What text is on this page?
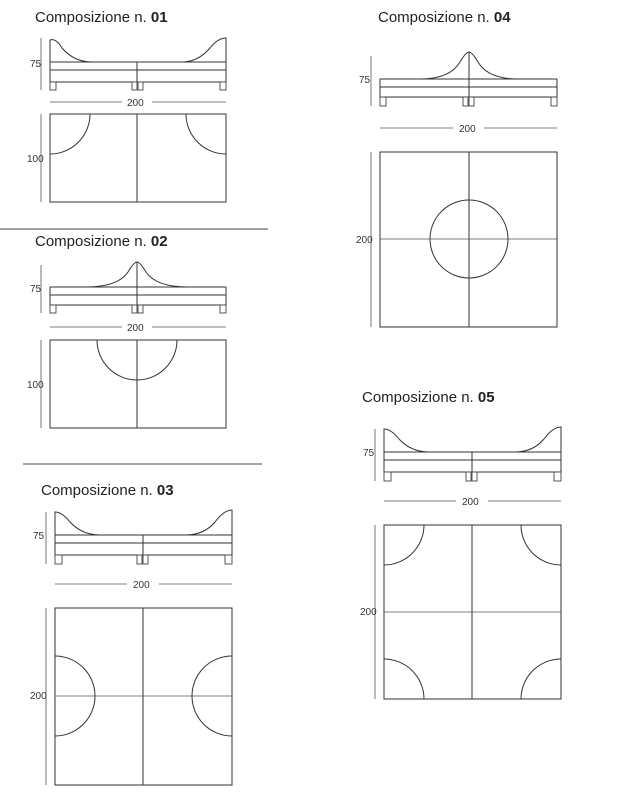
Composizione n. 01
75
200
100
Composizione n. 02
75
200
100
Composizione n. 03
75
200
200
Composizione n. 04
75
200
200
Composizione n. 05
75
200
200
